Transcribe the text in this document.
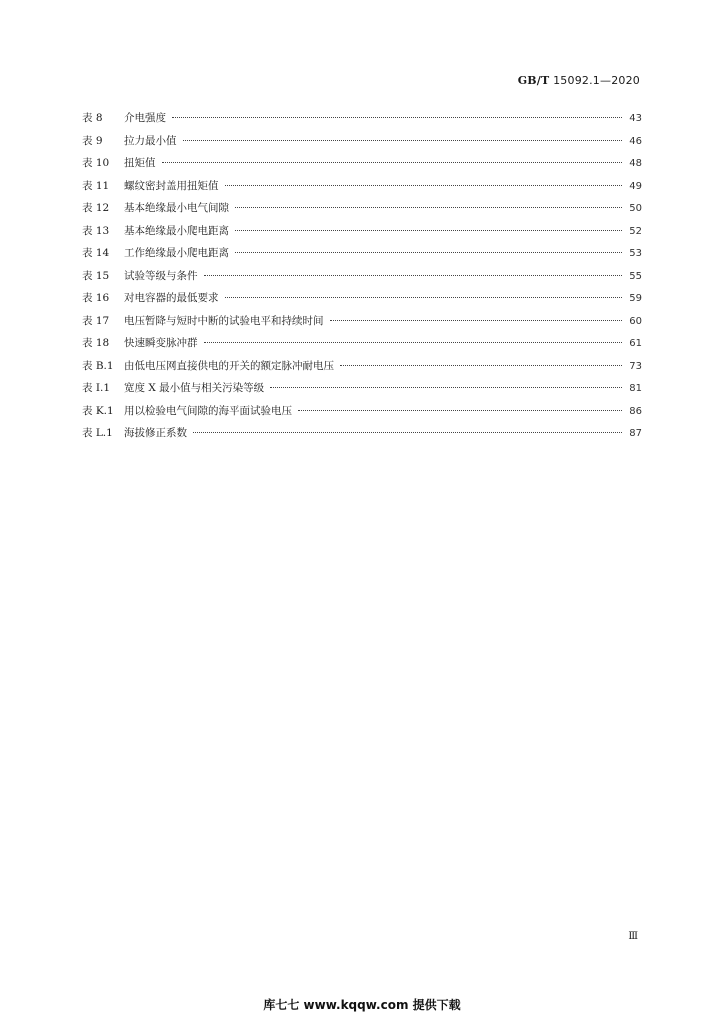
GB/T 15092.1—2020
表 8 介电强度	43
表 9 拉力最小值	46
表 10 扭矩值	48
表 11 螺纹密封盖用扭矩值	49
表 12 基本绝缘最小电气间隙	50
表 13 基本绝缘最小爬电距离	52
表 14 工作绝缘最小爬电距离	53
表 15 试验等级与条件	55
表 16 对电容器的最低要求	59
表 17 电压暂降与短时中断的试验电平和持续时间	60
表 18 快速瞬变脉冲群	61
表 B.1 由低电压网直接供电的开关的额定脉冲耐电压	73
表 I.1 宽度 X 最小值与相关污染等级	81
表 K.1 用以检验电气间隙的海平面试验电压	86
表 L.1 海拔修正系数	87
Ⅲ
库七七 www.kqqw.com 提供下载
